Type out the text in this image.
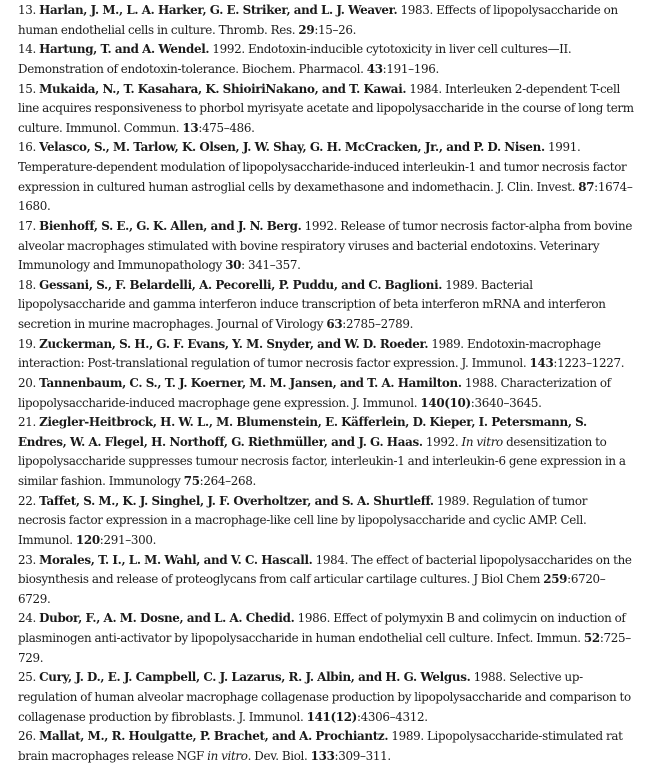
13. Harlan, J. M., L. A. Harker, G. E. Striker, and L. J. Weaver. 1983. Effects of lipopolysaccharide on human endothelial cells in culture. Thromb. Res. 29:15–26.

14. Hartung, T. and A. Wendel. 1992. Endotoxin-inducible cytotoxicity in liver cell cultures—II. Demonstration of endotoxin-tolerance. Biochem. Pharmacol. 43:191–196.

15. Mukaida, N., T. Kasahara, K. ShioiriNakano, and T. Kawai. 1984. Interleuken 2-dependent T-cell line acquires responsiveness to phorbol myrisyate acetate and lipopolysaccharide in the course of long term culture. Immunol. Commun. 13:475–486.

16. Velasco, S., M. Tarlow, K. Olsen, J. W. Shay, G. H. McCracken, Jr., and P. D. Nisen. 1991. Temperature-dependent modulation of lipopolysaccharide-induced interleukin-1 and tumor necrosis factor expression in cultured human astroglial cells by dexamethasone and indomethacin. J. Clin. Invest. 87:1674–1680.

17. Bienhoff, S. E., G. K. Allen, and J. N. Berg. 1992. Release of tumor necrosis factor-alpha from bovine alveolar macrophages stimulated with bovine respiratory viruses and bacterial endotoxins. Veterinary Immunology and Immunopathology 30: 341–357.

18. Gessani, S., F. Belardelli, A. Pecorelli, P. Puddu, and C. Baglioni. 1989. Bacterial lipopolysaccharide and gamma interferon induce transcription of beta interferon mRNA and interferon secretion in murine macrophages. Journal of Virology 63:2785–2789.

19. Zuckerman, S. H., G. F. Evans, Y. M. Snyder, and W. D. Roeder. 1989. Endotoxin-macrophage interaction: Post-translational regulation of tumor necrosis factor expression. J. Immunol. 143:1223–1227.

20. Tannenbaum, C. S., T. J. Koerner, M. M. Jansen, and T. A. Hamilton. 1988. Characterization of lipopolysaccharide-induced macrophage gene expression. J. Immunol. 140(10):3640–3645.

21. Ziegler-Heitbrock, H. W. L., M. Blumenstein, E. Käfferlein, D. Kieper, I. Petersmann, S. Endres, W. A. Flegel, H. Northoff, G. Riethmüller, and J. G. Haas. 1992. In vitro desensitization to lipopolysaccharide suppresses tumour necrosis factor, interleukin-1 and interleukin-6 gene expression in a similar fashion. Immunology 75:264–268.

22. Taffet, S. M., K. J. Singhel, J. F. Overholtzer, and S. A. Shurtleff. 1989. Regulation of tumor necrosis factor expression in a macrophage-like cell line by lipopolysaccharide and cyclic AMP. Cell. Immunol. 120:291–300.

23. Morales, T. I., L. M. Wahl, and V. C. Hascall. 1984. The effect of bacterial lipopolysaccharides on the biosynthesis and release of proteoglycans from calf articular cartilage cultures. J Biol Chem 259:6720–6729.

24. Dubor, F., A. M. Dosne, and L. A. Chedid. 1986. Effect of polymyxin B and colimycin on induction of plasminogen anti-activator by lipopolysaccharide in human endothelial cell culture. Infect. Immun. 52:725–729.

25. Cury, J. D., E. J. Campbell, C. J. Lazarus, R. J. Albin, and H. G. Welgus. 1988. Selective up-regulation of human alveolar macrophage collagenase production by lipopolysaccharide and comparison to collagenase production by fibroblasts. J. Immunol. 141(12):4306–4312.

26. Mallat, M., R. Houlgatte, P. Brachet, and A. Prochiantz. 1989. Lipopolysaccharide-stimulated rat brain macrophages release NGF in vitro. Dev. Biol. 133:309–311.
